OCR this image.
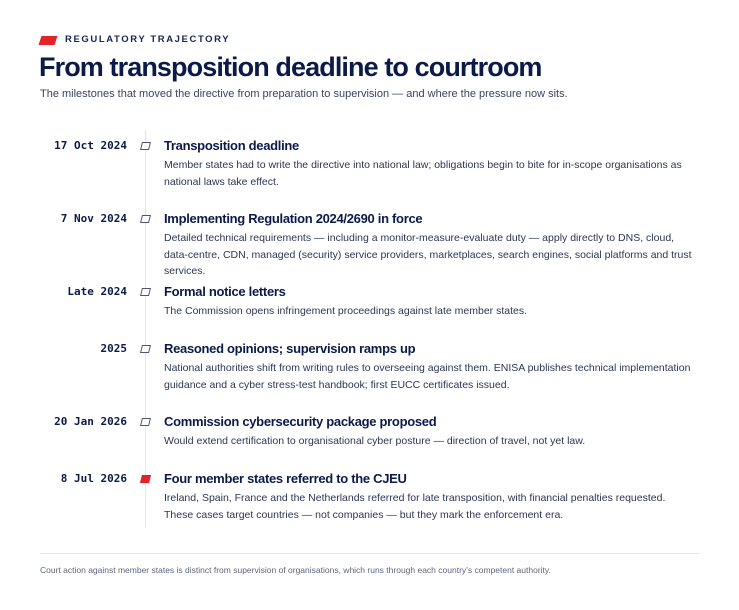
REGULATORY TRAJECTORY
From transposition deadline to courtroom

The milestones that moved the directive from preparation to supervision — and where the pressure now sits.

17 Oct 2024	Transposition deadline

Member states had to write the directive into national law; obligations begin to bite for in-scope organisations as national laws take effect.

7 Nov 2024	Implementing Regulation 2024/2690 in force

Detailed technical requirements — including a monitor-measure-evaluate duty — apply directly to DNS, cloud, data-centre, CDN, managed (security) service providers, marketplaces, search engines, social platforms and trust services.

Late 2024	Formal notice letters

The Commission opens infringement proceedings against late member states.

2025	Reasoned opinions; supervision ramps up

National authorities shift from writing rules to overseeing against them. ENISA publishes technical implementation guidance and a cyber stress-test handbook; first EUCC certificates issued.

20 Jan 2026	Commission cybersecurity package proposed

Would extend certification to organisational cyber posture — direction of travel, not yet law.

8 Jul 2026	Four member states referred to the CJEU

Ireland, Spain, France and the Netherlands referred for late transposition, with financial penalties requested. These cases target countries — not companies — but they mark the enforcement era.

Court action against member states is distinct from supervision of organisations, which runs through each country’s competent authority.
